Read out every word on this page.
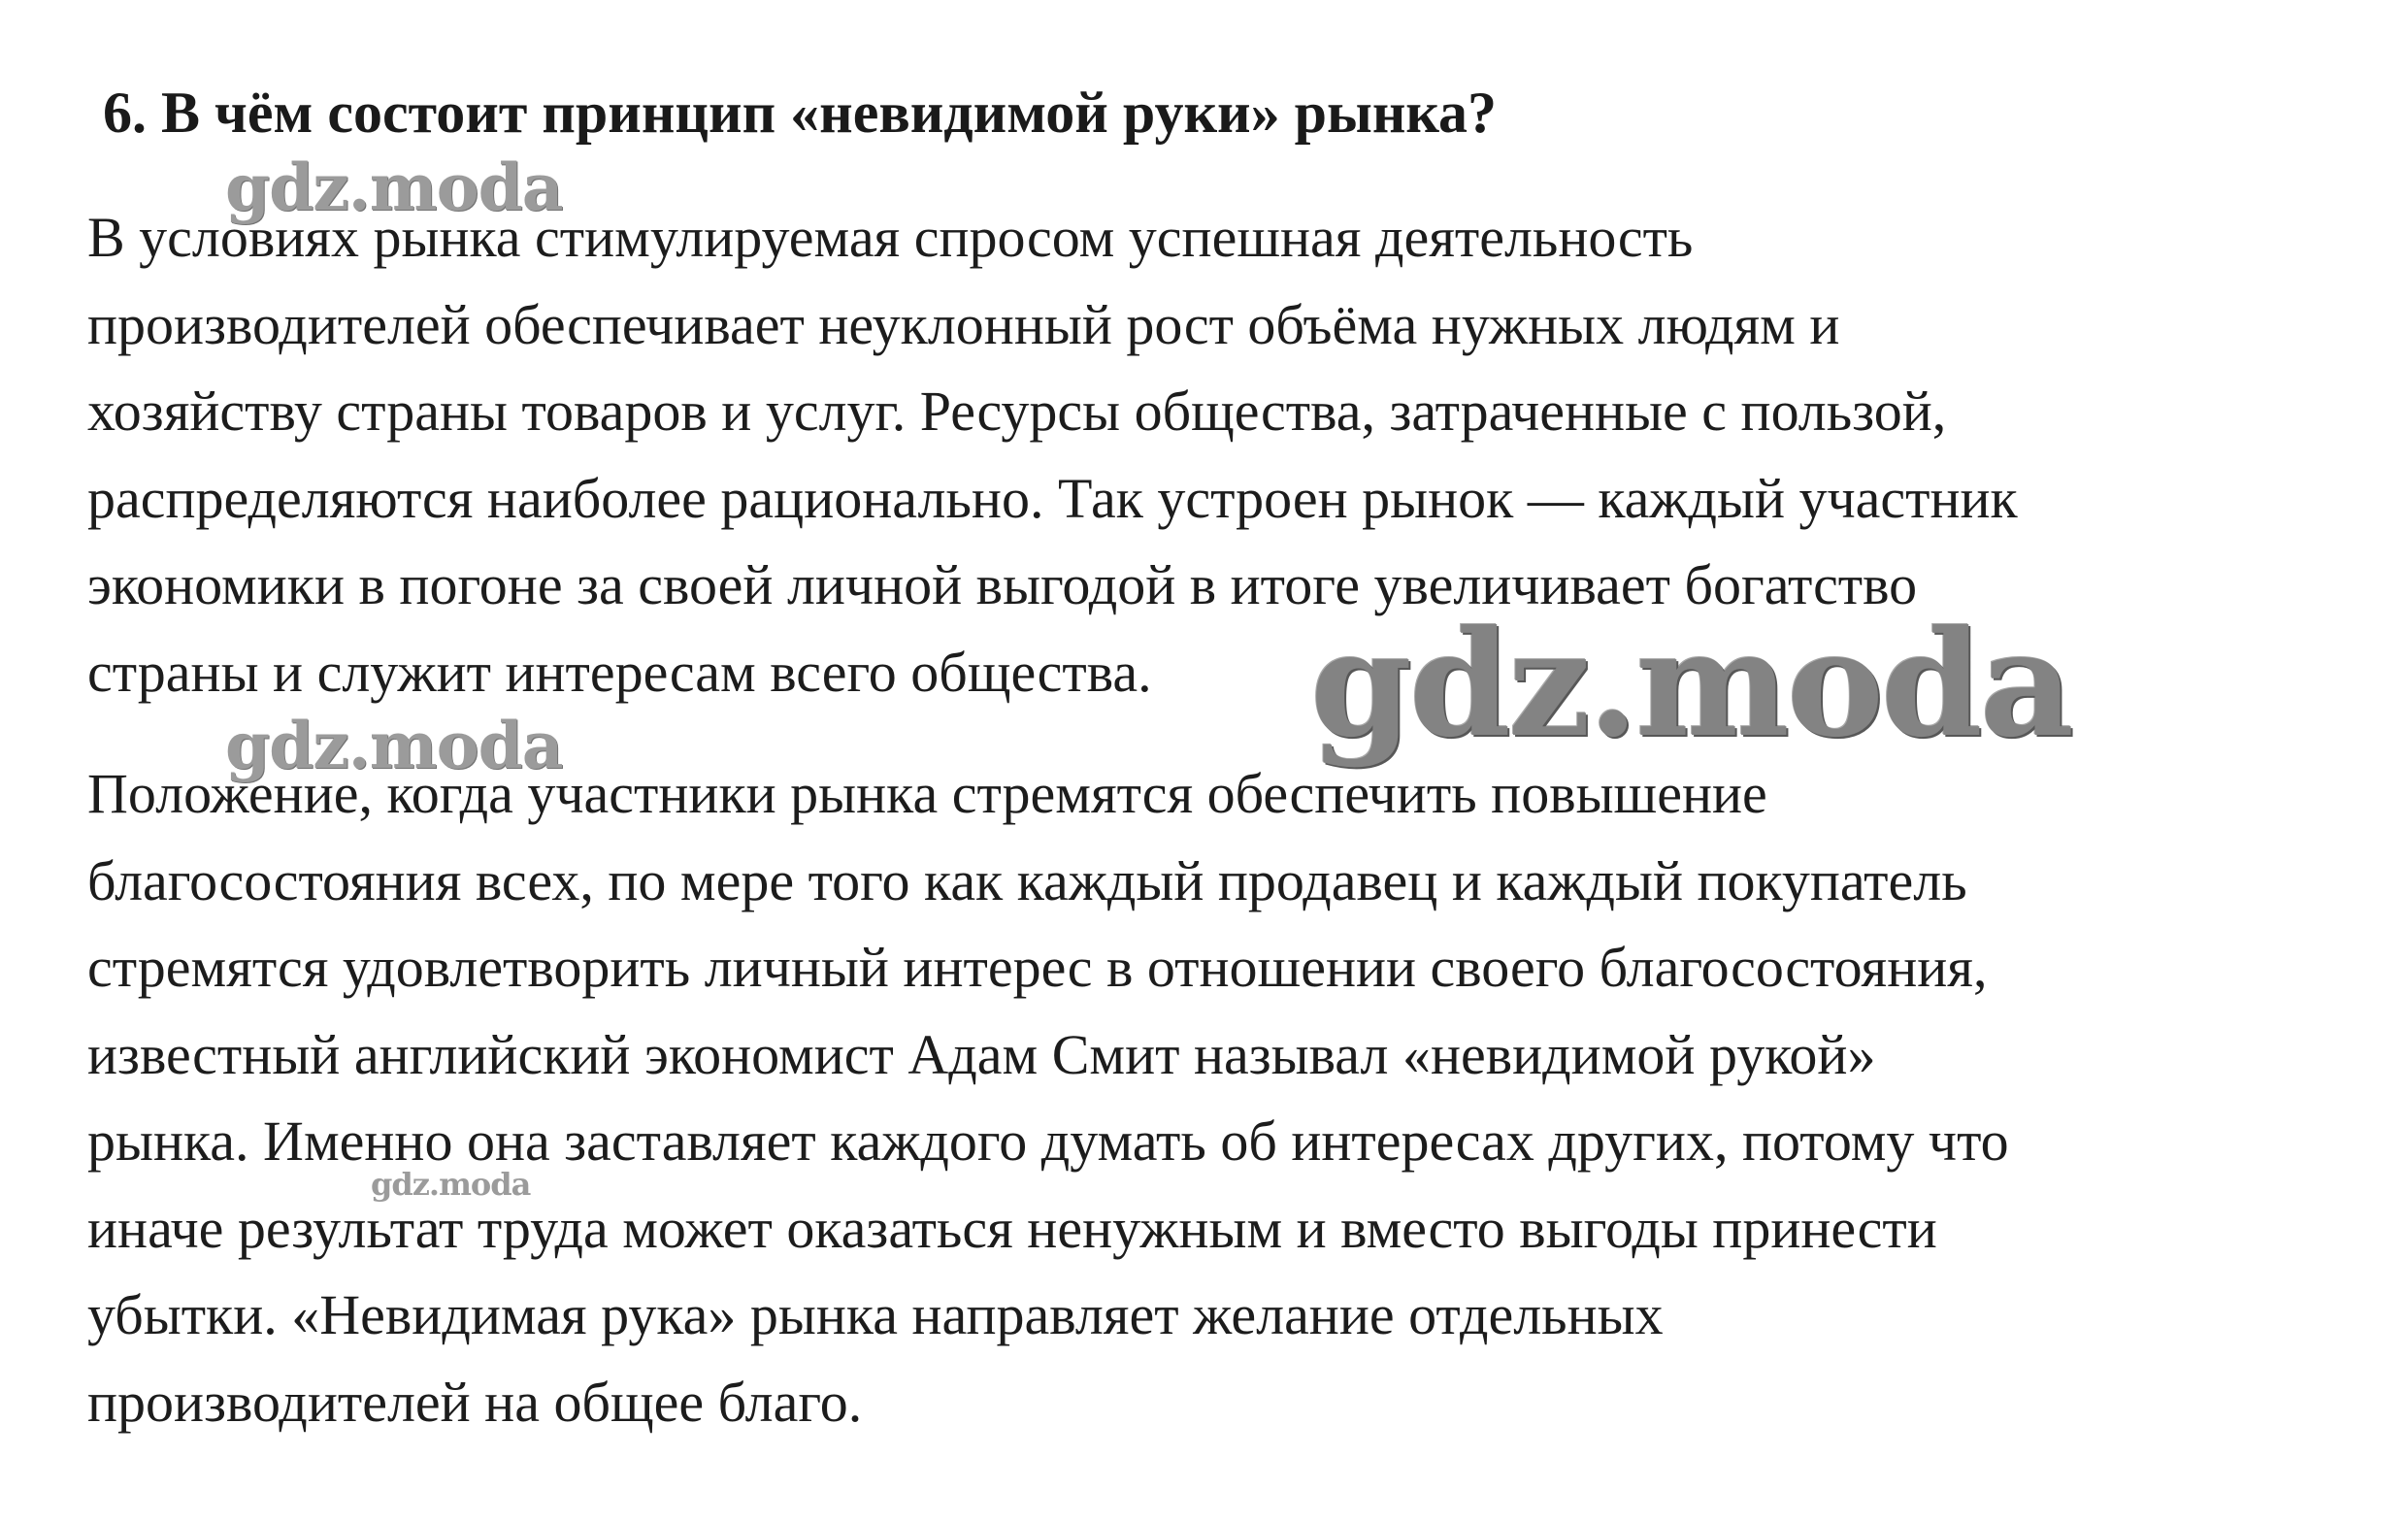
6. В чём состоит принцип «невидимой руки» рынка?

В условиях рынка стимулируемая спросом успешная деятельность
производителей обеспечивает неуклонный рост объёма нужных людям и
хозяйству страны товаров и услуг. Ресурсы общества, затраченные с пользой,
распределяются наиболее рационально. Так устроен рынок — каждый участник
экономики в погоне за своей личной выгодой в итоге увеличивает богатство
страны и служит интересам всего общества.

Положение, когда участники рынка стремятся обеспечить повышение
благосостояния всех, по мере того как каждый продавец и каждый покупатель
стремятся удовлетворить личный интерес в отношении своего благосостояния,
известный английский экономист Адам Смит называл «невидимой рукой»
рынка. Именно она заставляет каждого думать об интересах других, потому что
иначе результат труда может оказаться ненужным и вместо выгоды принести
убытки. «Невидимая рука» рынка направляет желание отдельных
производителей на общее благо.

gdz.moda
gdz.moda
gdz.moda
gdz.moda
